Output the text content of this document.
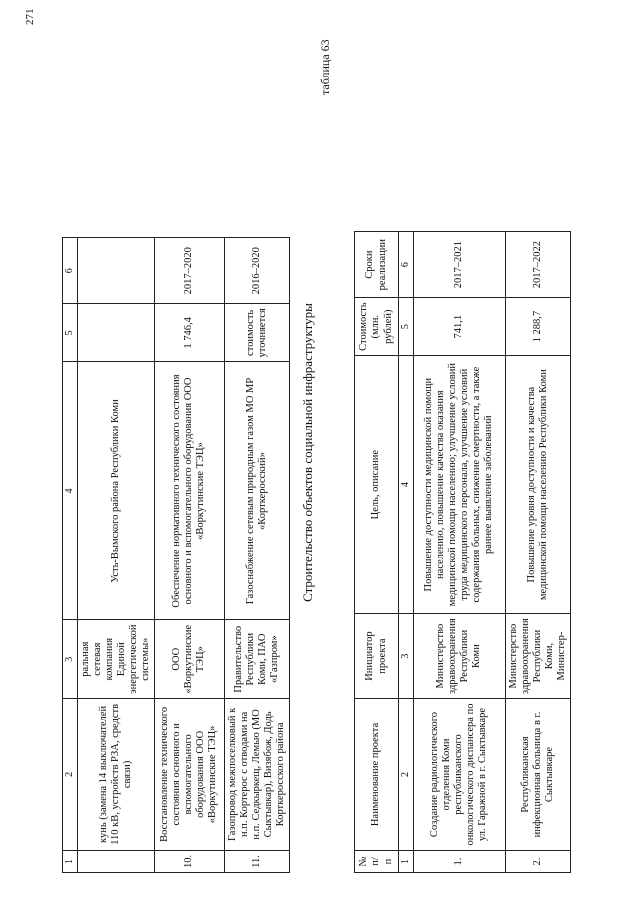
271
1	2	3	4	5	6
	кунь (замена 14 выключателей 110 кВ, устройств РЗА, средств связи)	ральная сетевая компания Единой энергетической системы»	Усть-Вымского района Республики Коми		
10.	Восстановление технического состояния основного и вспомогательного оборудования ООО «Воркутинские ТЭЦ»	ООО «Воркутинские ТЭЦ»	Обеспечение нормативного технического состояния основного и вспомогательного оборудования ООО «Воркутинские ТЭЦ»	1 746,4	2017–2020
11.	Газопровод межпоселковый к н.п. Кортерос с отводами на н.п. Седкыркещ, Лемью (МО Сыктывкар), Визябож, Додь Корткеросского района	Правительство Республики Коми, ПАО «Газпром»	Газоснабжение сетевым природным газом МО МР «Корткеросский»	стоимость уточняется	2016–2020
Строительство объектов социальной инфраструктуры
таблица 63
№ п/п	Наименование проекта	Инициатор проекта	Цель, описание	Стоимость (млн. рублей)	Сроки реализации
1	2	3	4	5	6
1.	Создание радиологического отделения Коми республиканского онкологического диспансера по ул. Гаражной в г. Сыктывкаре	Министерство здравоохранения Республики Коми	Повышение доступности медицинской помощи населению, повышение качества оказания медицинской помощи населению; улучшение условий труда медицинского персонала, улучшение условий содержания больных, снижение смертности, а также раннее выявление заболеваний	741,1	2017–2021
2.	Республиканская инфекционная больница в г. Сыктывкаре	Министерство здравоохранения Республики Коми, Министер-	Повышение уровня доступности и качества медицинской помощи населению Республики Коми	1 288,7	2017–2022
